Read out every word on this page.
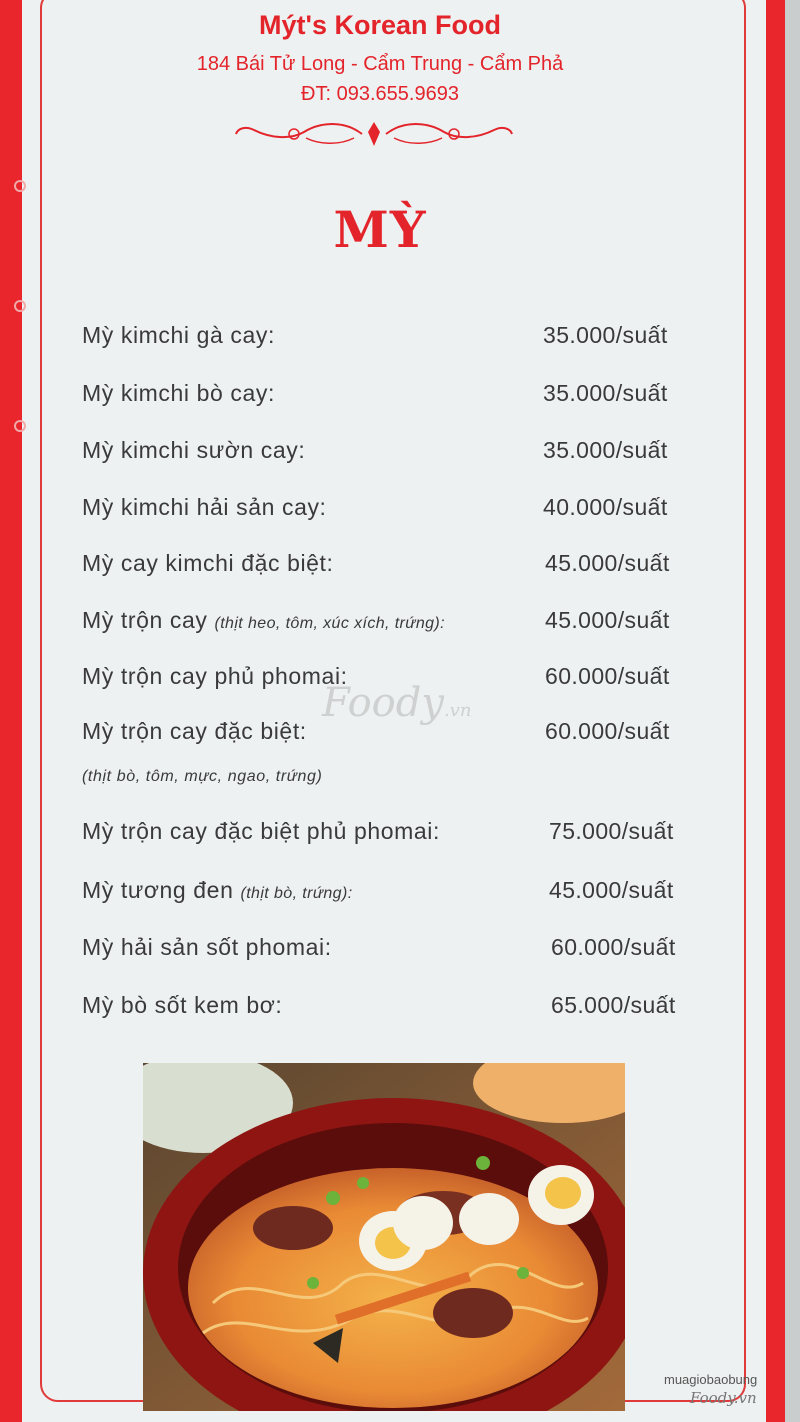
Mýt's Korean Food
184 Bái Tử Long - Cẩm Trung - Cẩm Phả
ĐT: 093.655.9693
MỲ
Foody.vn
Mỳ kimchi gà cay:	35.000/suất
Mỳ kimchi bò cay:	35.000/suất
Mỳ kimchi sườn cay:	35.000/suất
Mỳ kimchi hải sản cay:	40.000/suất
Mỳ cay kimchi đặc biệt:	45.000/suất
Mỳ trộn cay (thịt heo, tôm, xúc xích, trứng):	45.000/suất
Mỳ trộn cay phủ phomai:	60.000/suất
Mỳ trộn cay đặc biệt:	60.000/suất
Mỳ trộn cay đặc biệt phủ phomai:	75.000/suất
Mỳ tương đen (thịt bò, trứng):	45.000/suất
Mỳ hải sản sốt phomai:	60.000/suất
Mỳ bò sốt kem bơ:	65.000/suất
(thịt bò, tôm, mực, ngao, trứng)
muagiobaobung
Foody.vn
